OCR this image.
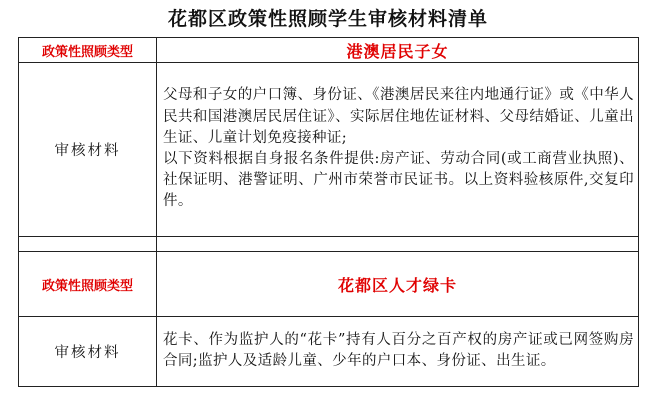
花都区政策性照顾学生审核材料清单
政策性照顾类型	港澳居民子女
审核材料	父母和子女的户口簿、身份证、《港澳居民来往内地通行证》或《中华人民共和国港澳居民居住证》、实际居住地佐证材料、父母结婚证、儿童出生证、儿童计划免疫接种证;

以下资料根据自身报名条件提供:房产证、劳动合同(或工商营业执照)、社保证明、港警证明、广州市荣誉市民证书。以上资料验核原件,交复印件。

政策性照顾类型	花都区人才绿卡
审核材料	花卡、作为监护人的“花卡”持有人百分之百产权的房产证或已网签购房合同;监护人及适龄儿童、少年的户口本、身份证、出生证。
